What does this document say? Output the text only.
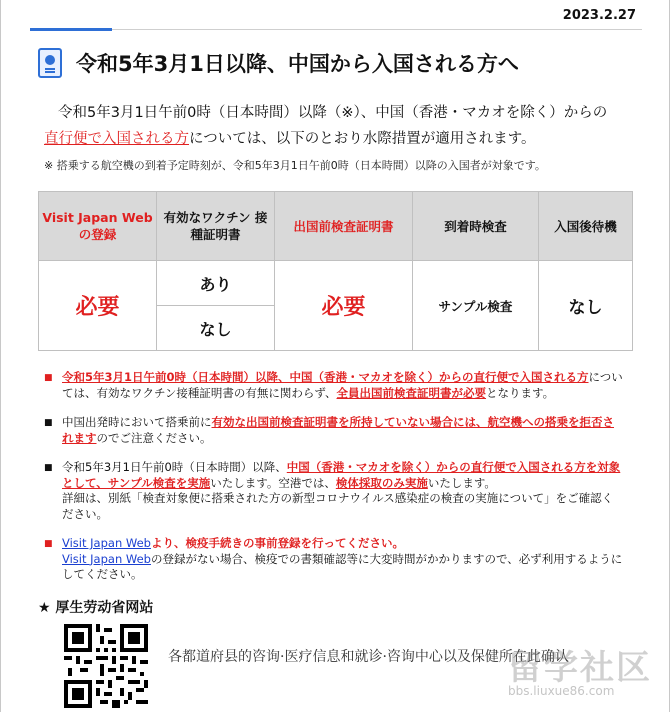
2023.2.27
令和5年3月1日以降、中国から入国される方へ
令和5年3月1日午前0時（日本時間）以降（※）、中国（香港・マカオを除く）からの
直行便で入国される方については、以下のとおり水際措置が適用されます。
※ 搭乗する航空機の到着予定時刻が、令和5年3月1日午前0時（日本時間）以降の入国者が対象です。
Visit Japan Web の登録	有効なワクチン 接種証明書	出国前検査証明書	到着時検査	入国後待機
必要	あり	必要	サンプル検査	なし
	なし			
■ 令和5年3月1日午前0時（日本時間）以降、中国（香港・マカオを除く）からの直行便で入国される方については、有効なワクチン接種証明書の有無に関わらず、全員出国前検査証明書が必要となります。
■ 中国出発時において搭乗前に有効な出国前検査証明書を所持していない場合には、航空機への搭乗を拒否されますのでご注意ください。
■ 令和5年3月1日午前0時（日本時間）以降、中国（香港・マカオを除く）からの直行便で入国される方を対象として、サンプル検査を実施いたします。空港では、検体採取のみ実施いたします。
詳細は、別紙「検査対象便に搭乗された方の新型コロナウイルス感染症の検査の実施について」をご確認ください。
■ Visit Japan Webより、検疫手続きの事前登録を行ってください。
Visit Japan Webの登録がない場合、検疫での書類確認等に大変時間がかかりますので、必ず利用するようにしてください。
★ 厚生劳动省网站
各都道府县的咨询·医疗信息和就诊·咨询中心以及保健所在此确认
留学社区
bbs.liuxue86.com
